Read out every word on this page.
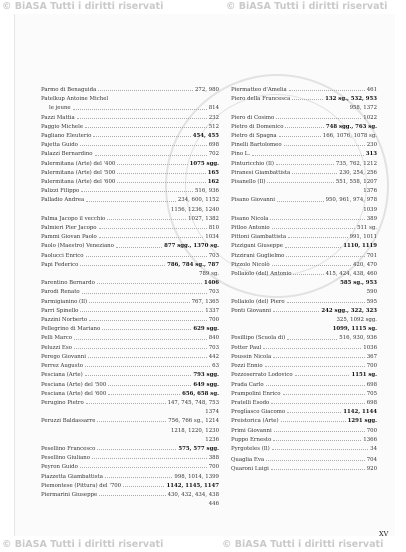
© BiASA Tutti i diritti riservati	© BiASA Tutti i diritti riservati
Parmo di Benaguida	272, 980
Patelkup Antoine Michel
le jeune	814
Pazzi Mattia	232
Paggio Michele	512
Pagliano Eleuterio	454, 455
Pajetta Guido	698
Palazzi Bernardino	702
Palermitana (Arte) del '400	1075 sgg.
Palermitana (Arte) del '500	165
Palermitana (Arte) del '600	162
Palizzi Filippo	516, 936
Palladio Andrea	234, 600, 1152
1156, 1236, 1240
Palma Jacopo il vecchio	1027, 1382
Palmieri Pier Jacopo	810
Pammi Giovan Paolo	1034
Paolo (Maestro) Veneziano	877 sgg., 1370 sg.
Paolucci Enrico	703
Papi Federico	786, 784 sg., 787
789 sg.
Parentino Bernardo	1406
Parodi Renato	703
Parmigianino (Il)	767, 1365
Parri Spinello	1337
Pazzini Norberto	700
Pellegrino di Mariano	629 sgg.
Pelli Marco	840
Peluzzi Eso	703
Perego Giovanni	442
Perrez Augusto	63
Pesciana (Arte)	793 sgg.
Pesciana (Arte) del '500	649 sgg.
Pesciana (Arte) del '600	656, 658 sg.
Perugino Pietro	147, 745, 748, 753
1374
Peruzzi Baldassarre	756, 766 sg., 1214
1218, 1220, 1230
1236
Pesellino Francesco	575, 577 sgg.
Pesellino Giuliano	388
Peyron Guido	700
Piazzetta Giambattista	998, 1014, 1399
Piemontese (Pittura) del '700	1142, 1145, 1147
Piermarini Giuseppe	430, 432, 434, 438
446
Piermatteo d'Amelia	461
Piero della Francesca	132 sg., 532, 953
958, 1372
Piero di Cosimo	1022
Pietro di Domenico	748 sgg., 763 sg.
Pietro di Spagna	166, 1076, 1078 sg.
Pinelli Bartolomeo	230
Pino L.	313
Pinturicchio (Il)	735, 762, 1212
Piranesi Giambattista	230, 254, 256
Pisanello (Il)	551, 558, 1207
1376
Pisano Giovanni	950, 961, 974, 978
1039
Pisano Nicola	389
Pitloo Antonio	511 sg.
Pittoni Giambattista	991, 1011
Pizzigani Giuseppe	1110, 1119
Pizzirani Guglielmo	701
Pizzolo Nicolò	420, 470
Pollaiolo (del) Antonio	415, 424, 438, 460
585 sg., 953
590
Pollaiolo (del) Piero	595
Ponti Giovanni	242 sgg., 322, 323
325, 1092 sgg.
1099, 1115 sg.
Posillipo (Scuola di)	516, 930, 936
Potter Paul	1036
Poussin Nicola	367
Pozzi Ennio	700
Pozzoserrato Lodovico	1151 sg.
Prada Carlo	698
Prampolini Enrico	705
Pratelli Esodo	698
Preglìasco Giacomo	1142, 1144
Preistorica (Arte)	1291 sgg.
Primi Giovanni	700
Puppo Ernesto	1366
Pyrgoteles (Il)	34
Quaglia Eva	704
Quaroni Luigi	920
XV
© BiASA Tutti i diritti riservati	© BiASA Tutti i diritti riservati
